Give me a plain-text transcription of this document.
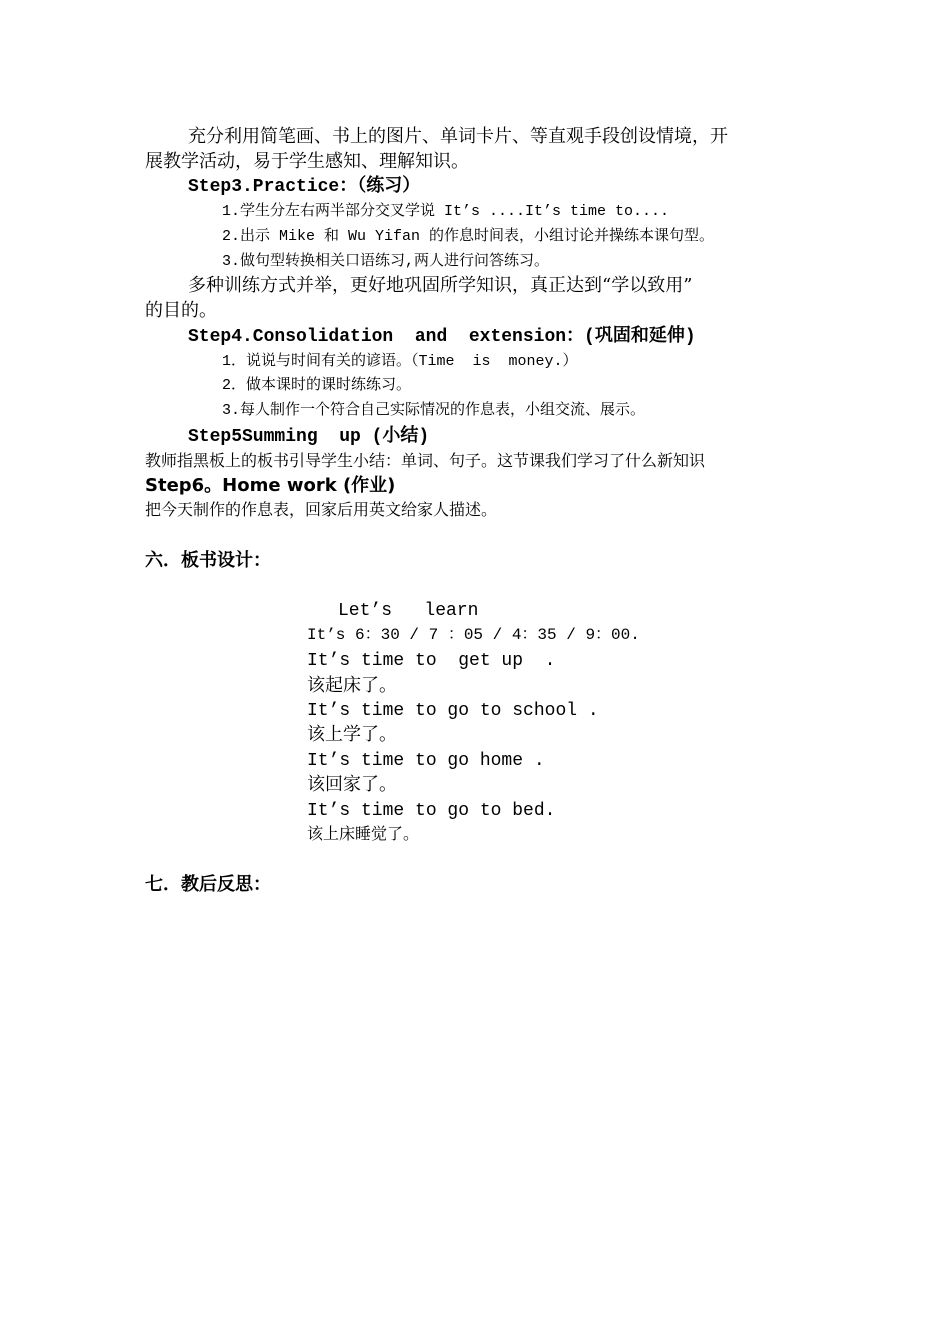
充分利用简笔画、书上的图片、单词卡片、等直观手段创设情境，开
展教学活动，易于学生感知、理解知识。
Step3.Practice：（练习）
1.学生分左右两半部分交叉学说 It’s ....It’s time to....
2.出示 Mike 和 Wu Yifan 的作息时间表，小组讨论并操练本课句型。
3.做句型转换相关口语练习,两人进行问答练习。
多种训练方式并举，更好地巩固所学知识，真正达到“学以致用”
的目的。
Step4.Consolidation  and  extension：(巩固和延伸)
1．说说与时间有关的谚语。（Time  is  money.）
2．做本课时的课时练练习。
3.每人制作一个符合自己实际情况的作息表，小组交流、展示。
Step5Summing  up (小结)
教师指黑板上的板书引导学生小结：单词、句子。这节课我们学习了什么新知识
Step6。Home work (作业)
把今天制作的作息表，回家后用英文给家人描述。
六．板书设计：
Let’s   learn
It’s 6：30 / 7 ：05 / 4：35 / 9：00.
It’s time to  get up  .
该起床了。
It’s time to go to school .
该上学了。
It’s time to go home .
该回家了。
It’s time to go to bed.
该上床睡觉了。
七．教后反思：
